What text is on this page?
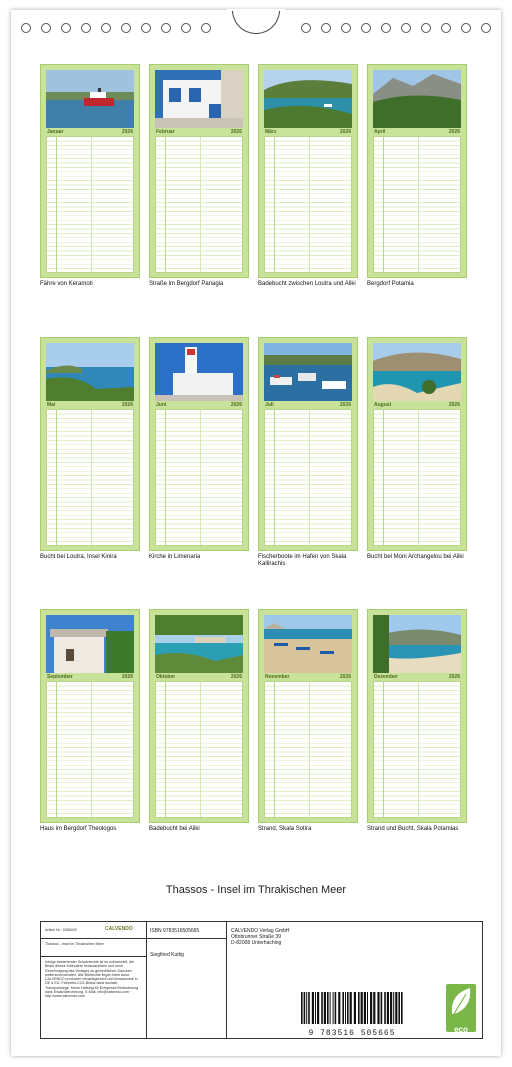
Januar	2026
Fähre von Keramoti
Februar	2026
Straße im Bergdorf Panagia
März	2026
Badebucht zwischen Loutra und Aliki
April	2026
Bergdorf Potamia
Mai	2026
Bucht bei Loutra, Insel Kinira
Juni	2026
Kirche in Limenaria
Juli	2026
Fischerboote im Hafen von Skala Kallirachis
August	2026
Bucht bei Moni Archangelou bei Aliki
September	2026
Haus im Bergdorf Theologos
Oktober	2026
Badebucht bei Aliki
November	2026
Strand, Skala Sotira
Dezember	2026
Strand und Bucht, Skala Potamias
Thassos - Insel im Thrakischen Meer
Artikel Nr.: 2085405	CALVENDO
Thassos - Insel im Thrakischen Meer
Infolge bestehender Schutzrechte ist es unfinanziell, die Bilder dieses Kalenders herauszulösen und ohne Genehmigung des Verlages zu gewerblichen Zwecken weiterzuverwenden. Alle Bildrechte liegen beim Autor. CALVENDO produziert bedarfsgerecht und klimaneutral in DE & EU. Feinheits-CO2-Bilanz dank sozialer Transportwege. Keine Haftung für Ereignisse/Veränderung dank Ersatzlizenzierung. E-Mail: info@calvendo.com · http://www.calvendo.com
ISBN 9783516505665
Siegfried Kuttig
CALVENDO Verlag GmbH
Ottobrunner Straße 39
D-82008 Unterhaching
9 783516 505665	eco
